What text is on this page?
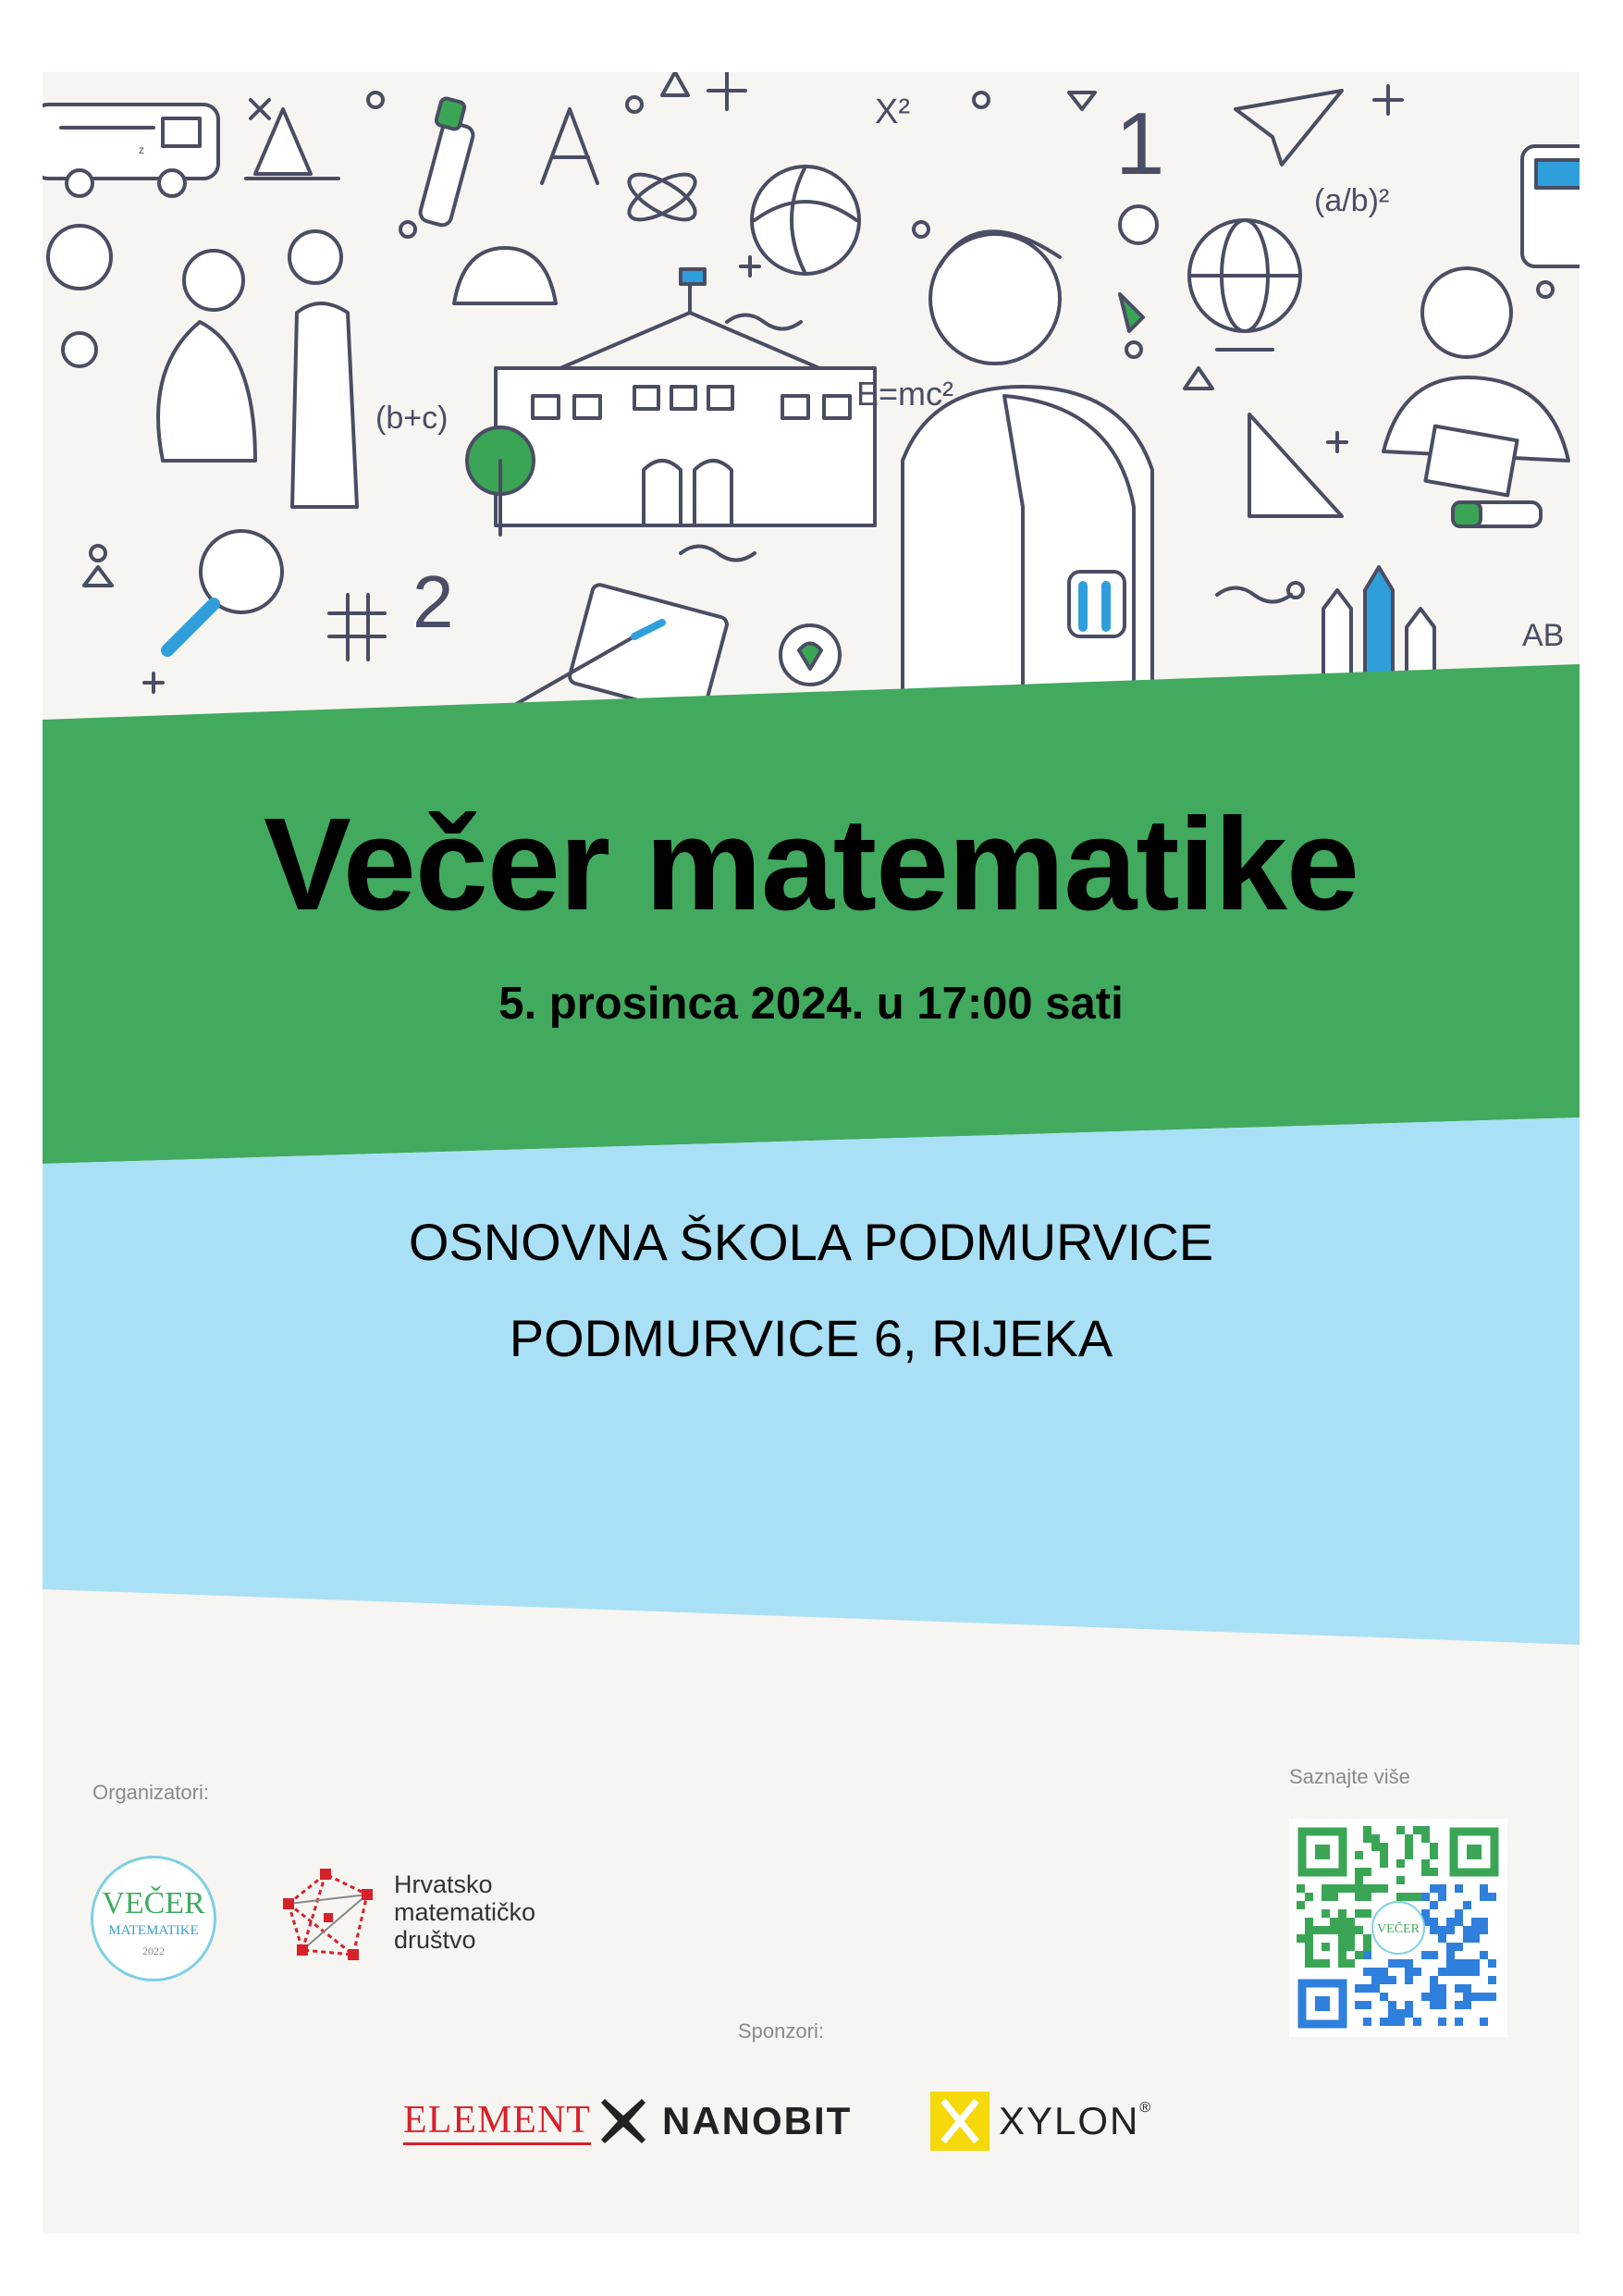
E=mc²
(b+c)
X² 1
2
(a/b)²
AB
z
Večer matematike
5. prosinca 2024. u 17:00 sati
OSNOVNA ŠKOLA PODMURVICE
PODMURVICE 6, RIJEKA
Organizatori:
VEČER
MATEMATIKE
2022
Hrvatsko
matematičko
društvo
Saznajte više
VEČER
Sponzori:
ELEMENT NANOBIT	XYLON ®
